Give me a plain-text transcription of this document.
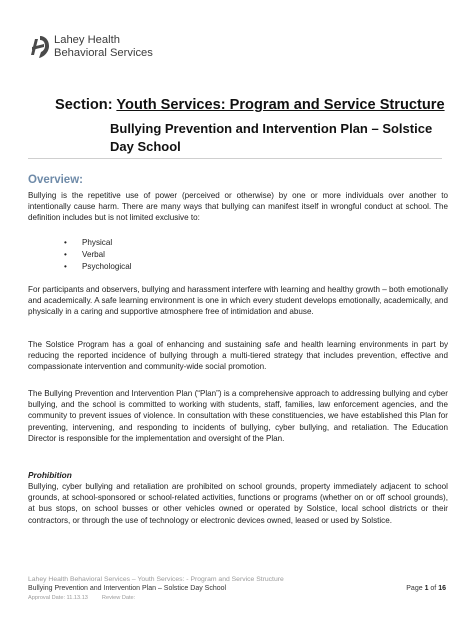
Lahey Health
Behavioral Services
Section: Youth Services: Program and Service Structure
Bullying Prevention and Intervention Plan – Solstice Day School
Overview:

Bullying is the repetitive use of power (perceived or otherwise) by one or more individuals over another to intentionally cause harm. There are many ways that bullying can manifest itself in wrongful conduct at school. The definition includes but is not limited exclusive to:

• Physical
• Verbal
• Psychological

For participants and observers, bullying and harassment interfere with learning and healthy growth – both emotionally and academically. A safe learning environment is one in which every student develops emotionally, academically, and physically in a caring and supportive atmosphere free of intimidation and abuse.

The Solstice Program has a goal of enhancing and sustaining safe and health learning environments in part by reducing the reported incidence of bullying through a multi-tiered strategy that includes prevention, effective and compassionate intervention and community-wide social promotion.

The Bullying Prevention and Intervention Plan (“Plan”) is a comprehensive approach to addressing bullying and cyber bullying, and the school is committed to working with students, staff, families, law enforcement agencies, and the community to prevent issues of violence. In consultation with these constituencies, we have established this Plan for preventing, intervening, and responding to incidents of bullying, cyber bullying, and retaliation. The Education Director is responsible for the implementation and oversight of the Plan.

Prohibition

Bullying, cyber bullying and retaliation are prohibited on school grounds, property immediately adjacent to school grounds, at school-sponsored or school-related activities, functions or programs (whether on or off school grounds), at bus stops, on school busses or other vehicles owned or operated by Solstice, local school districts or their contractors, or through the use of technology or electronic devices owned, leased or used by Solstice.

Lahey Health Behavioral Services – Youth Services: - Program and Service Structure
Bullying Prevention and Intervention Plan – Solstice Day School	Page 1 of 16
Approval Date: 11.13.13	Review Date:
